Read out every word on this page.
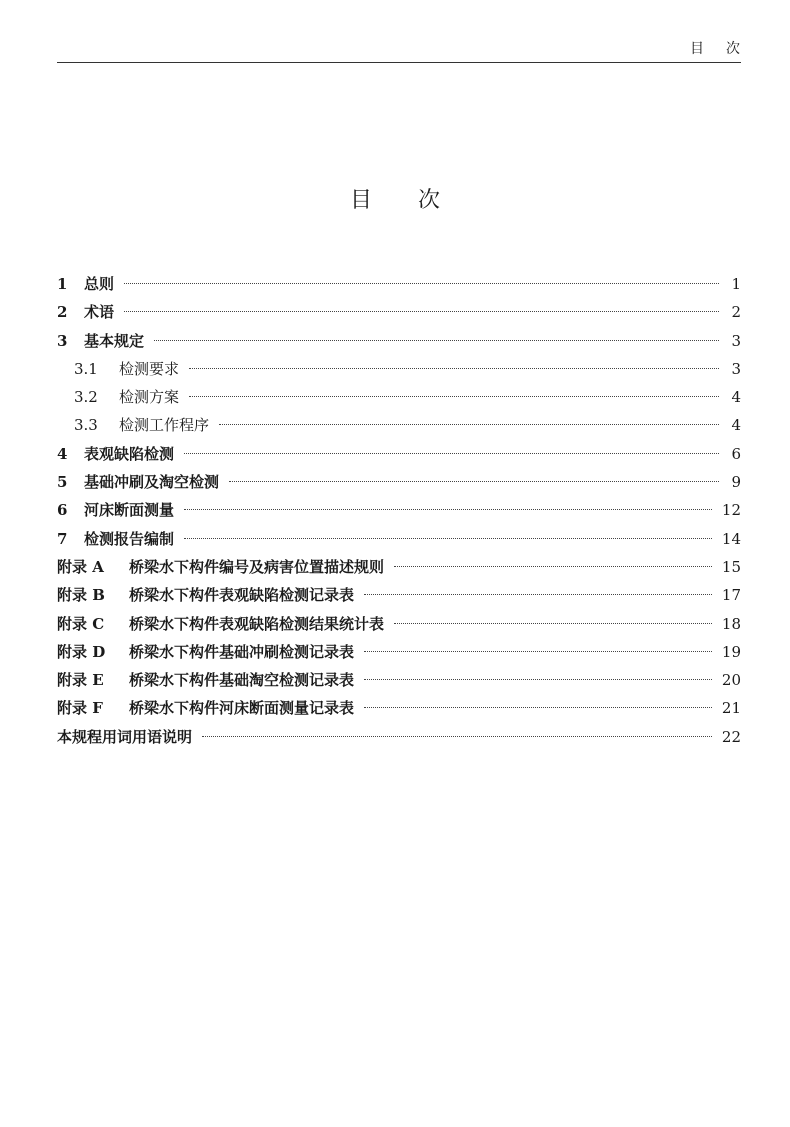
目次
目次
1	总则	1
2	术语	2
3	基本规定	3
3.1	检测要求	3
3.2	检测方案	4
3.3	检测工作程序	4
4	表观缺陷检测	6
5	基础冲刷及淘空检测	9
6	河床断面测量	12
7	检测报告编制	14
附录 A	桥梁水下构件编号及病害位置描述规则	15
附录 B	桥梁水下构件表观缺陷检测记录表	17
附录 C	桥梁水下构件表观缺陷检测结果统计表	18
附录 D	桥梁水下构件基础冲刷检测记录表	19
附录 E	桥梁水下构件基础淘空检测记录表	20
附录 F	桥梁水下构件河床断面测量记录表	21
本规程用词用语说明	22
